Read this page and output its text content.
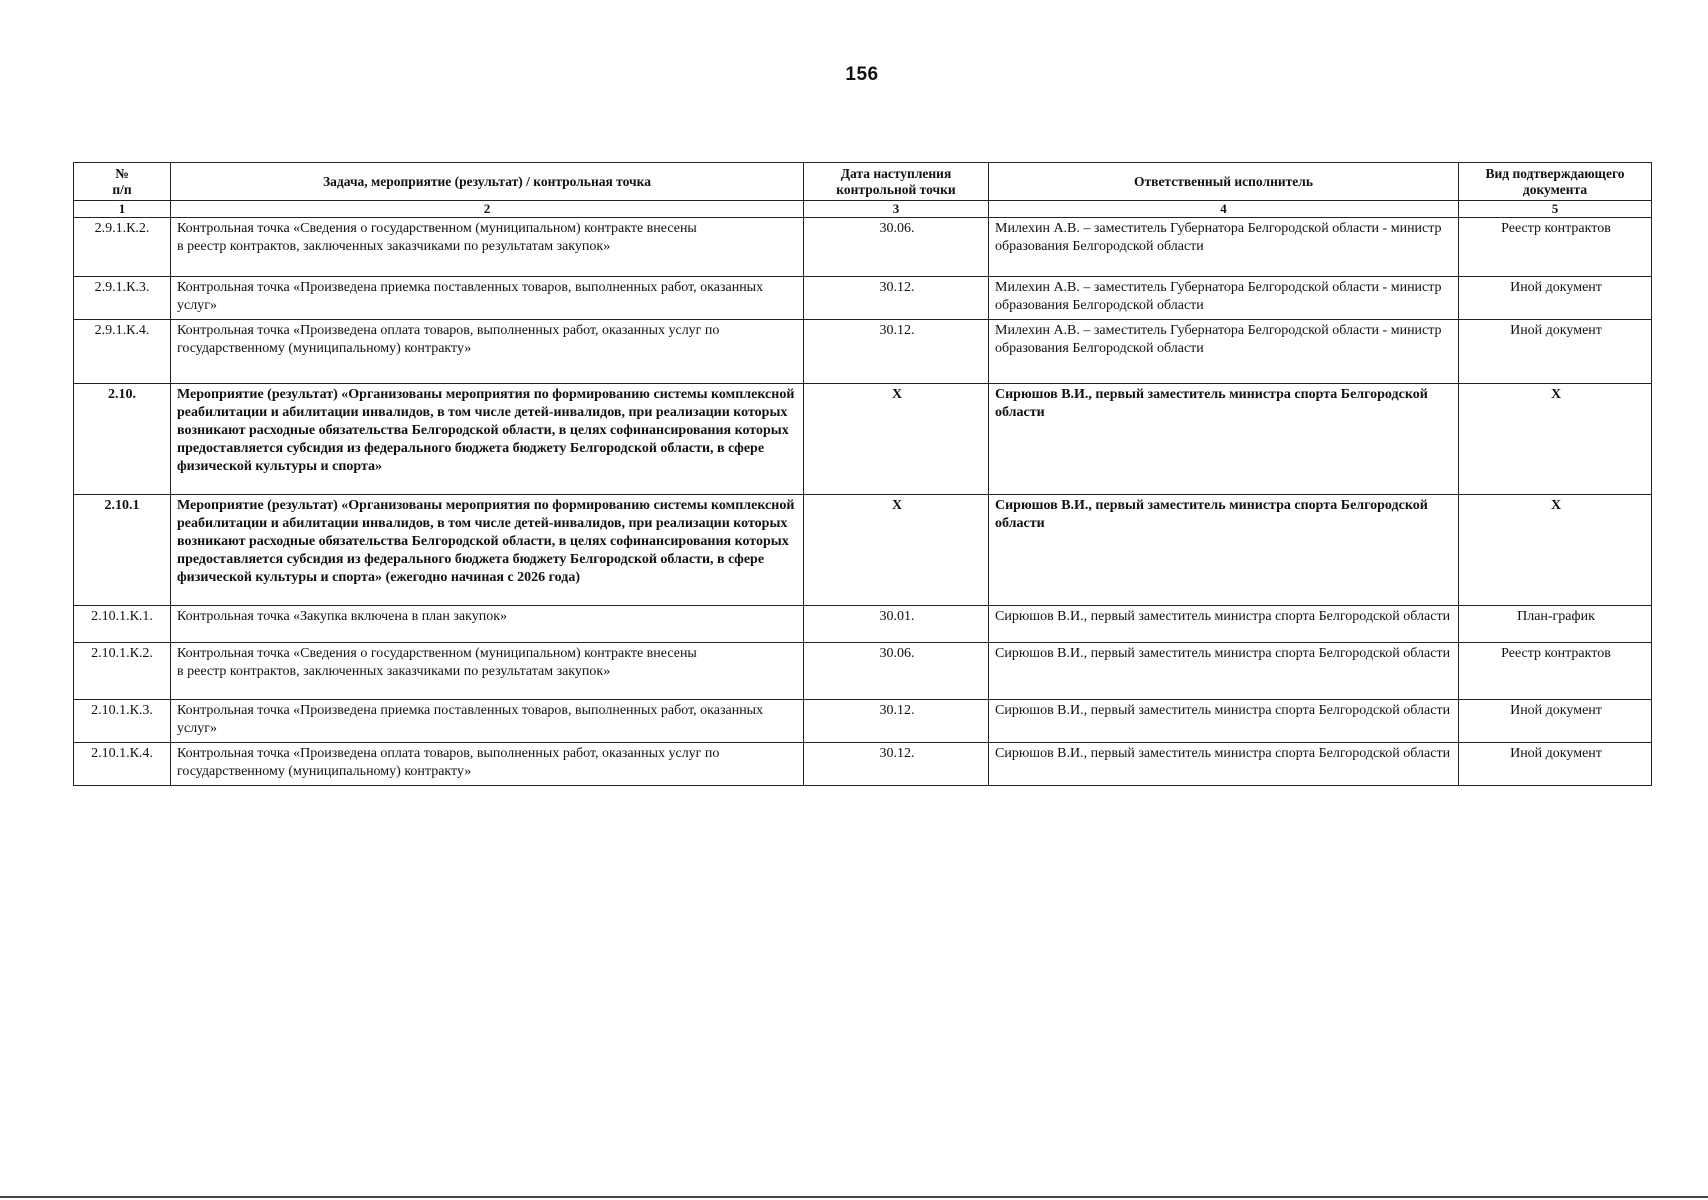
156
№
п/п	Задача, мероприятие (результат) / контрольная точка	Дата наступления контрольной точки	Ответственный исполнитель	Вид подтверждающего документа
1	2	3	4	5
2.9.1.К.2.	Контрольная точка «Сведения о государственном (муниципальном) контракте внесены
в реестр контрактов, заключенных заказчиками по результатам закупок»	30.06.	Милехин А.В. – заместитель Губернатора Белгородской области - министр образования Белгородской области	Реестр контрактов
2.9.1.К.3.	Контрольная точка «Произведена приемка поставленных товаров, выполненных работ, оказанных услуг»	30.12.	Милехин А.В. – заместитель Губернатора Белгородской области - министр образования Белгородской области	Иной документ
2.9.1.К.4.	Контрольная точка «Произведена оплата товаров, выполненных работ, оказанных услуг по государственному (муниципальному) контракту»	30.12.	Милехин А.В. – заместитель Губернатора Белгородской области - министр образования Белгородской области	Иной документ
2.10.	Мероприятие (результат) «Организованы мероприятия по формированию системы комплексной реабилитации и абилитации инвалидов, в том числе детей-инвалидов, при реализации которых возникают расходные обязательства Белгородской области, в целях софинансирования которых предоставляется субсидия из федерального бюджета бюджету Белгородской области, в сфере физической культуры и спорта»	X	Сирюшов В.И., первый заместитель министра спорта Белгородской области	X
2.10.1	Мероприятие (результат) «Организованы мероприятия по формированию системы комплексной реабилитации и абилитации инвалидов, в том числе детей-инвалидов, при реализации которых возникают расходные обязательства Белгородской области, в целях софинансирования которых предоставляется субсидия из федерального бюджета бюджету Белгородской области, в сфере физической культуры и спорта» (ежегодно начиная с 2026 года)	X	Сирюшов В.И., первый заместитель министра спорта Белгородской области	X
2.10.1.К.1.	Контрольная точка «Закупка включена в план закупок»	30.01.	Сирюшов В.И., первый заместитель министра спорта Белгородской области	План-график
2.10.1.К.2.	Контрольная точка «Сведения о государственном (муниципальном) контракте внесены
в реестр контрактов, заключенных заказчиками по результатам закупок»	30.06.	Сирюшов В.И., первый заместитель министра спорта Белгородской области	Реестр контрактов
2.10.1.К.3.	Контрольная точка «Произведена приемка поставленных товаров, выполненных работ, оказанных услуг»	30.12.	Сирюшов В.И., первый заместитель министра спорта Белгородской области	Иной документ
2.10.1.К.4.	Контрольная точка «Произведена оплата товаров, выполненных работ, оказанных услуг по государственному (муниципальному) контракту»	30.12.	Сирюшов В.И., первый заместитель министра спорта Белгородской области	Иной документ
